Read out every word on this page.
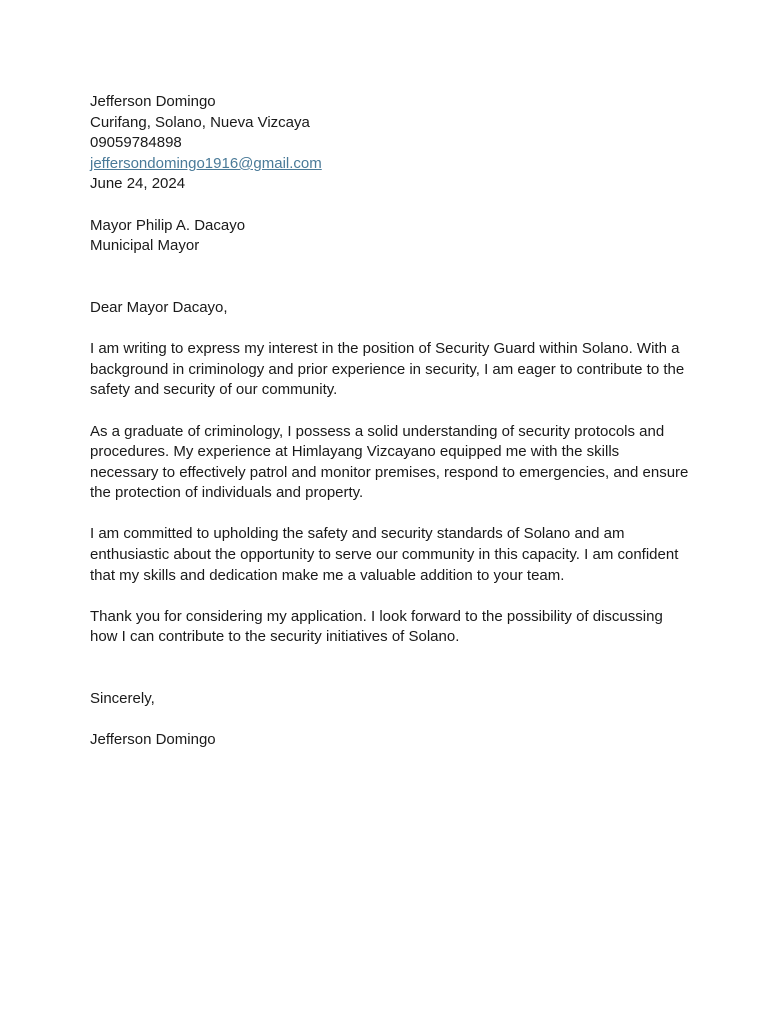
Jefferson Domingo
Curifang, Solano, Nueva Vizcaya
09059784898
jeffersondomingo1916@gmail.com
June 24, 2024
Mayor Philip A. Dacayo
Municipal Mayor

Dear Mayor Dacayo,

I am writing to express my interest in the position of Security Guard within Solano. With a background in criminology and prior experience in security, I am eager to contribute to the safety and security of our community.

As a graduate of criminology, I possess a solid understanding of security protocols and procedures. My experience at Himlayang Vizcayano equipped me with the skills necessary to effectively patrol and monitor premises, respond to emergencies, and ensure the protection of individuals and property.

I am committed to upholding the safety and security standards of Solano and am enthusiastic about the opportunity to serve our community in this capacity. I am confident that my skills and dedication make me a valuable addition to your team.

Thank you for considering my application. I look forward to the possibility of discussing how I can contribute to the security initiatives of Solano.

Sincerely,

Jefferson Domingo
